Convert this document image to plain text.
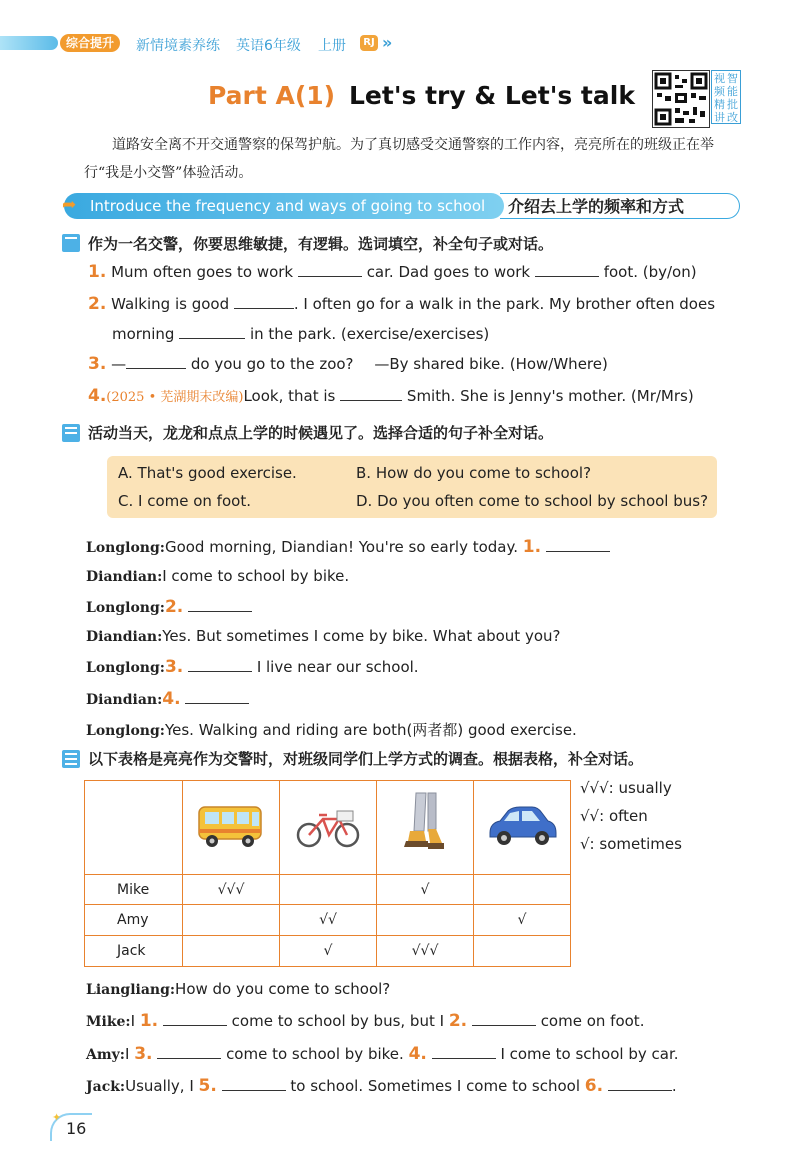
综合提升	新情境素养练 英语6年级 上册	RJ »
Part A(1) Let's try & Let's talk
视 智
频 能
精 批
讲 改
道路安全离不开交通警察的保驾护航。为了真切感受交通警察的工作内容，亮亮所在的班级正在举行“我是小交警”体验活动。
Introduce the frequency and ways of going to school
➦	介绍去上学的频率和方式
作为一名交警，你要思维敏捷，有逻辑。选词填空，补全句子或对话。
1. Mum often goes to work	car. Dad goes to work	foot. (by/on)
2. Walking is good	. I often go for a walk in the park. My brother often does
morning	in the park. (exercise/exercises)
3. —	do you go to the zoo? —By shared bike. (How/Where)
4.(2025 • 芜湖期末改编)Look, that is	Smith. She is Jenny's mother. (Mr/Mrs)
活动当天，龙龙和点点上学的时候遇见了。选择合适的句子补全对话。
A. That's good exercise.	B. How do you come to school?
C. I come on foot.	D. Do you often come to school by school bus?
Longlong:Good morning, Diandian! You're so early today. 1.
Diandian:I come to school by bike.
Longlong:2.
Diandian:Yes. But sometimes I come by bike. What about you?
Longlong:3.	I live near our school.
Diandian:4.
Longlong:Yes. Walking and riding are both(两者都) good exercise.
以下表格是亮亮作为交警时，对班级同学们上学方式的调查。根据表格，补全对话。

Mike	√√√		√	
Amy		√√		√
Jack		√	√√√	
√√√: usually
√√: often
√: sometimes
Liangliang:How do you come to school?
Mike:I 1.	come to school by bus, but I 2.	come on foot.
Amy:I 3.	come to school by bike. 4.	I come to school by car.
Jack:Usually, I 5.	to school. Sometimes I come to school 6.	.
✦
16
